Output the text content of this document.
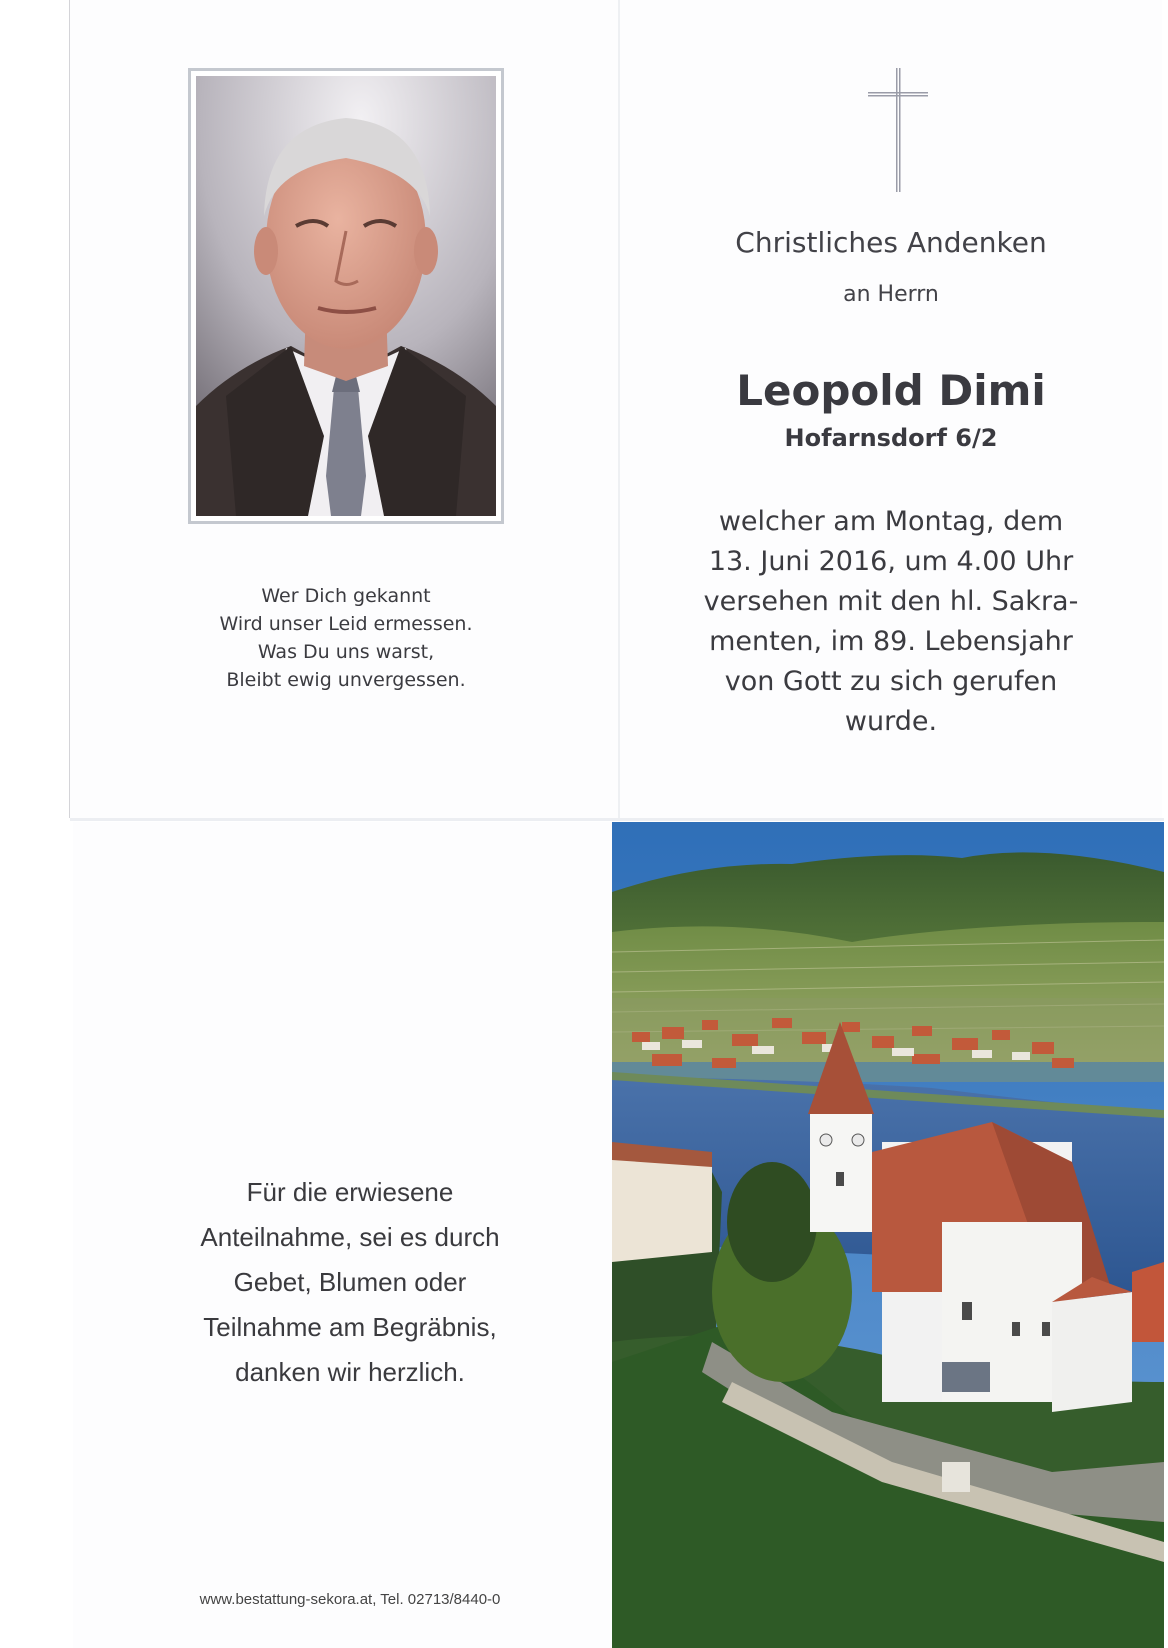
Wer Dich gekannt
Wird unser Leid ermessen.
Was Du uns warst,
Bleibt ewig unvergessen.
Christliches Andenken
an Herrn
Leopold Dimi
Hofarnsdorf 6/2
welcher am Montag, dem
13. Juni 2016, um 4.00 Uhr
versehen mit den hl. Sakra-
menten, im 89. Lebensjahr
von Gott zu sich gerufen
wurde.
Für die erwiesene
Anteilnahme, sei es durch
Gebet, Blumen oder
Teilnahme am Begräbnis,
danken wir herzlich.
www.bestattung-sekora.at, Tel. 02713/8440-0
